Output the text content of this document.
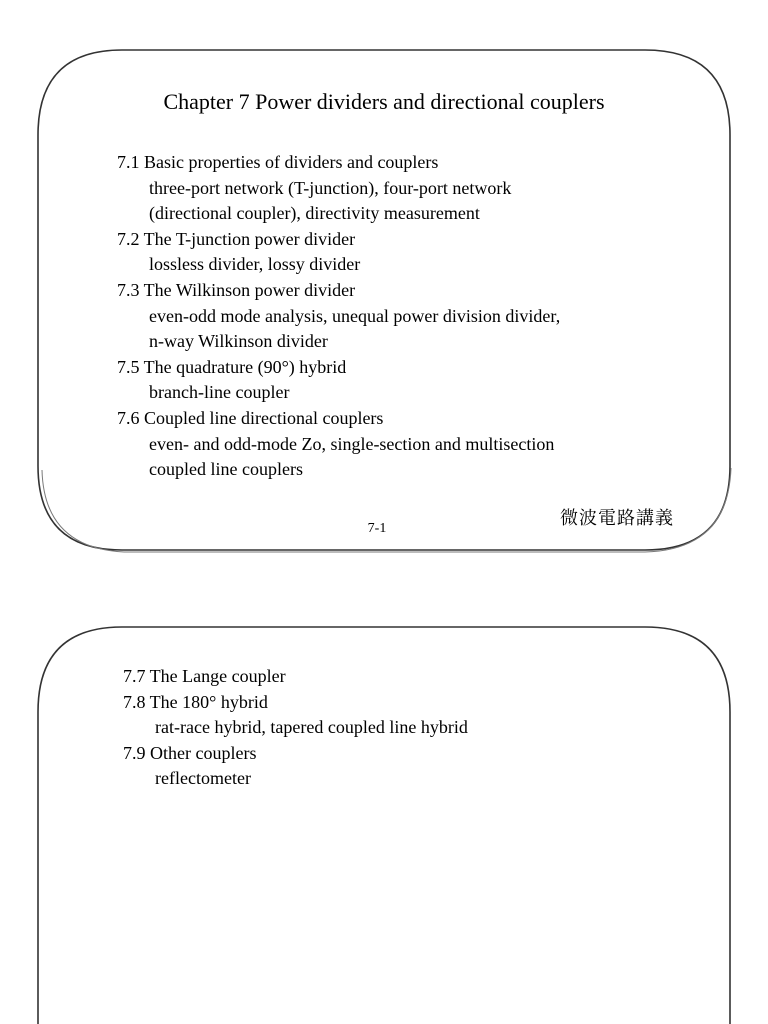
Chapter 7 Power dividers and directional couplers
7.1 Basic properties of dividers and couplers
three-port network (T-junction), four-port network
(directional coupler), directivity measurement
7.2 The T-junction power divider
lossless divider, lossy divider
7.3 The Wilkinson power divider
even-odd mode analysis, unequal power division divider,
n-way Wilkinson divider
7.5 The quadrature (90°) hybrid
branch-line coupler
7.6 Coupled line directional couplers
even- and odd-mode Zo, single-section and multisection
coupled line couplers
7-1	微波電路講義
7.7 The Lange coupler
7.8 The 180° hybrid
rat-race hybrid, tapered coupled line hybrid
7.9 Other couplers
reflectometer
